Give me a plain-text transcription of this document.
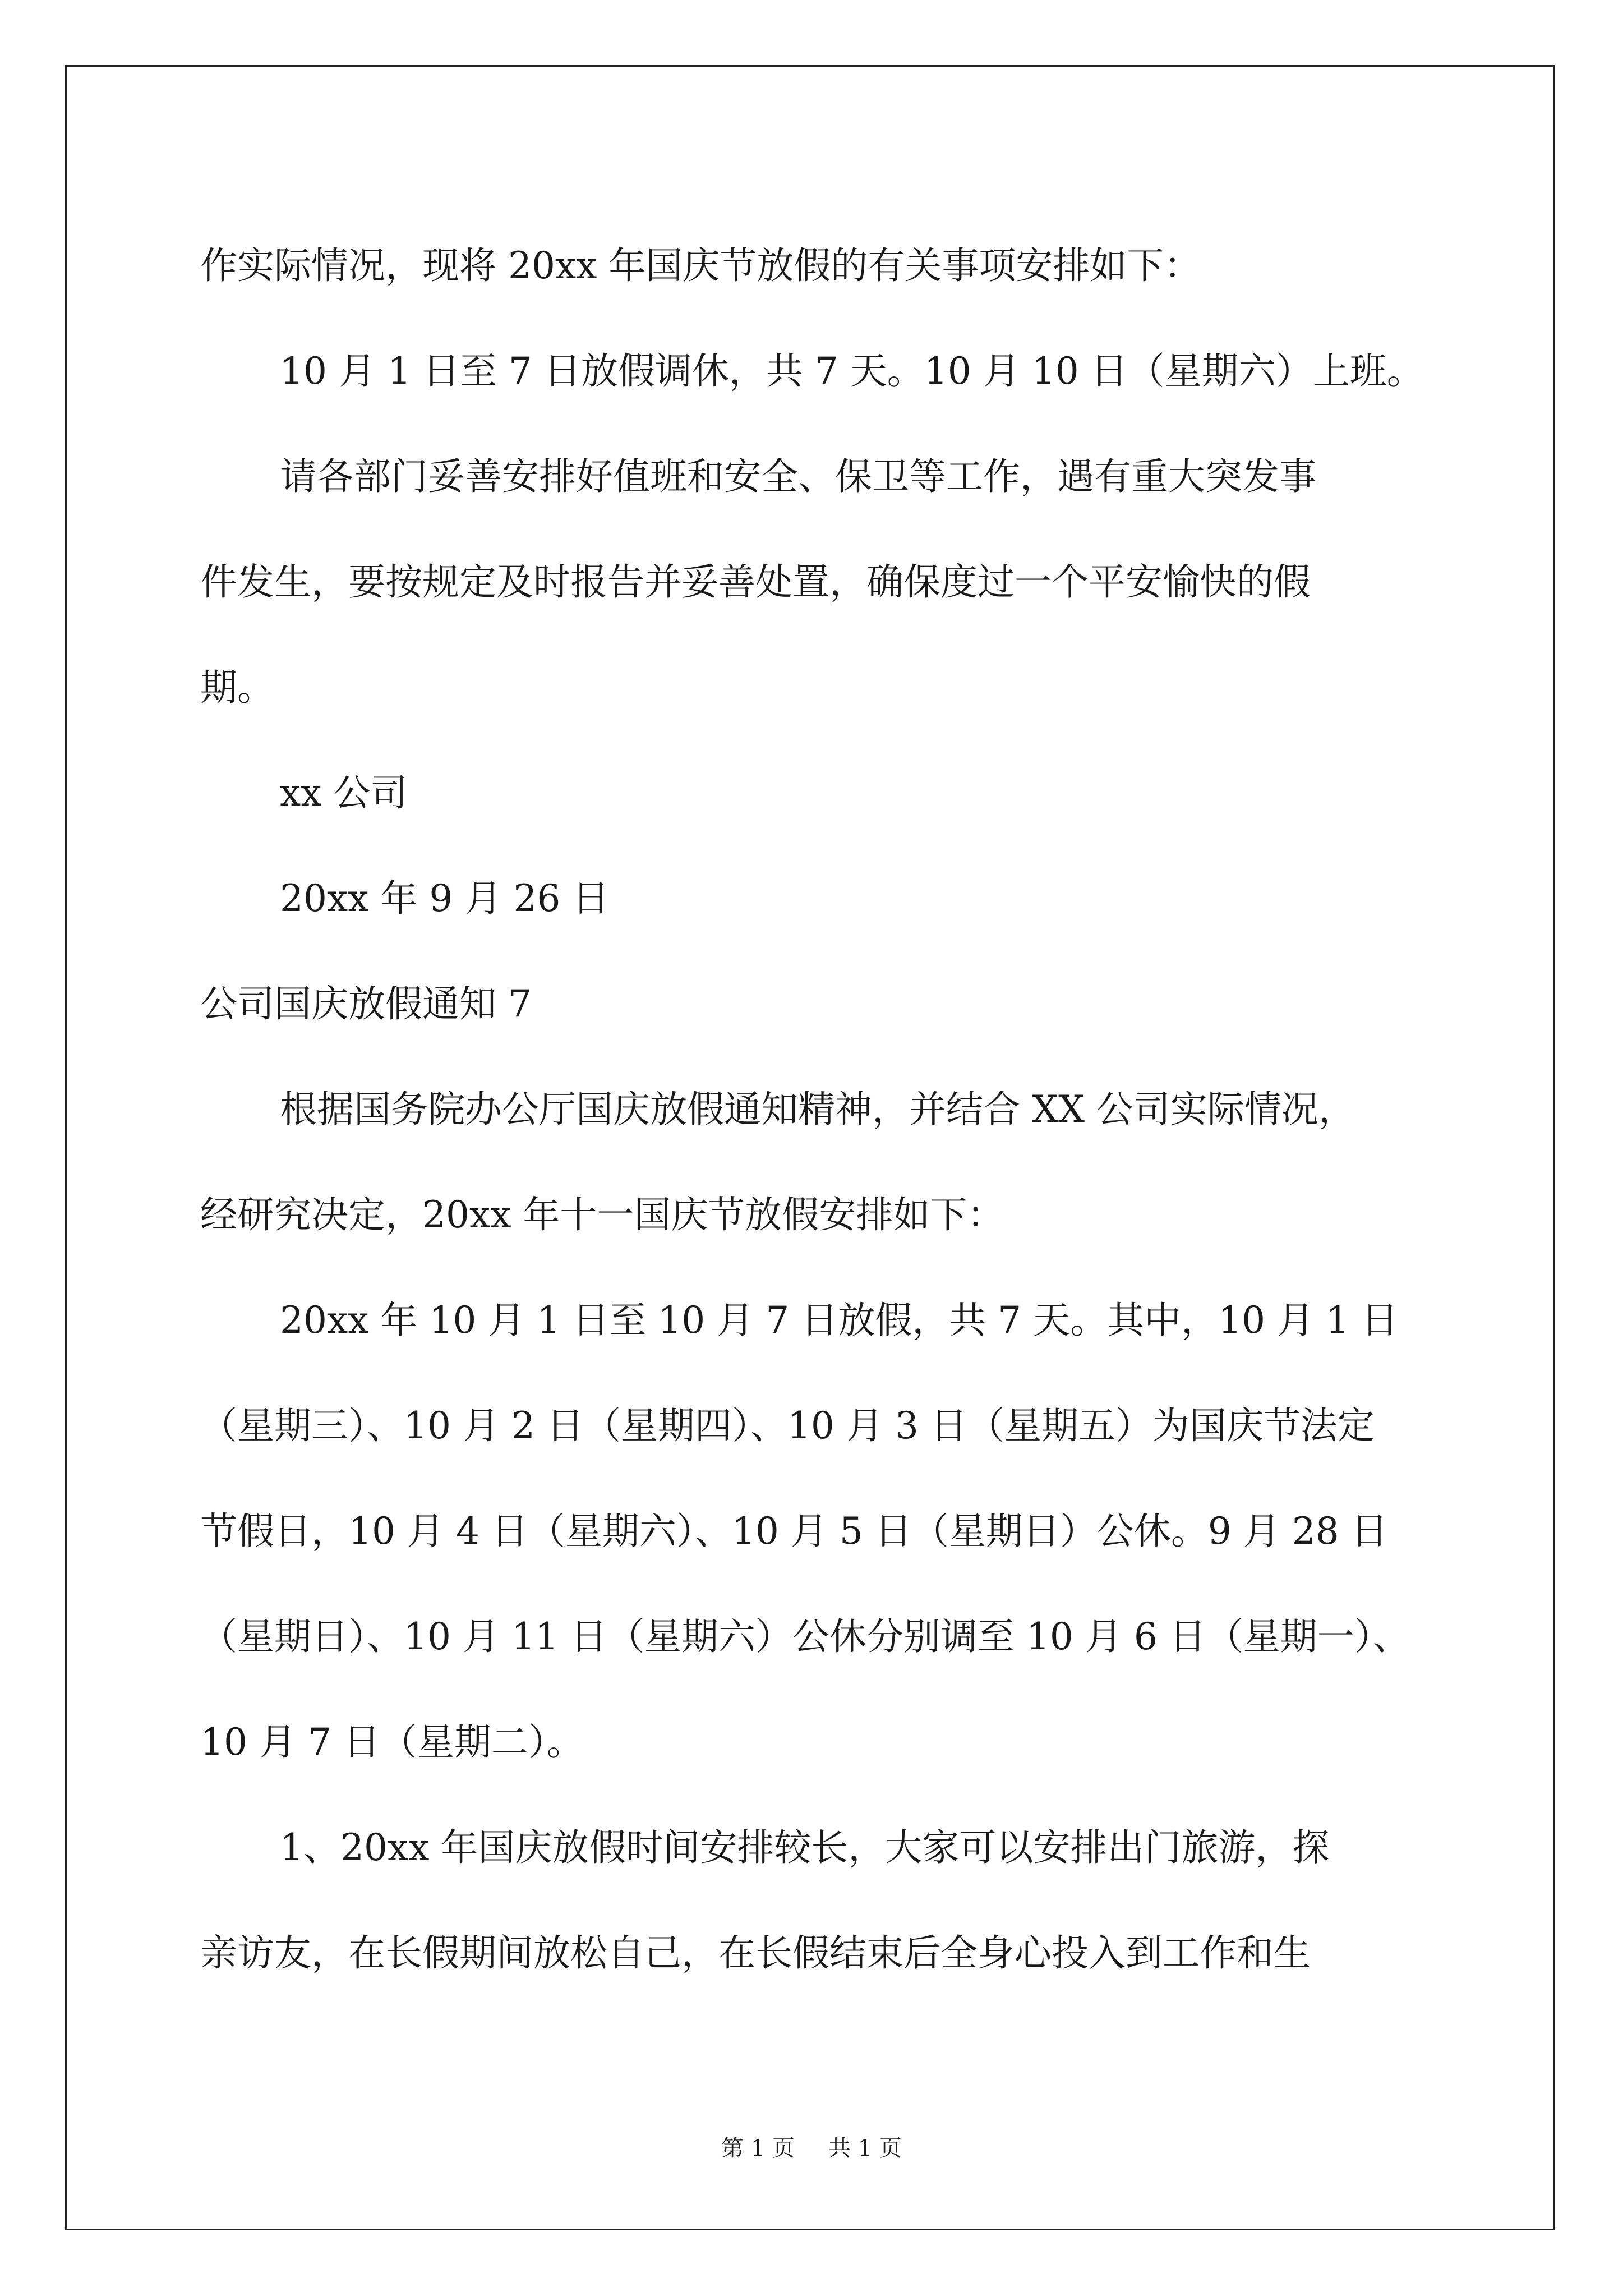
作实际情况，现将 20xx 年国庆节放假的有关事项安排如下：
10 月 1 日至 7 日放假调休，共 7 天。10 月 10 日（星期六）上班。
请各部门妥善安排好值班和安全、保卫等工作，遇有重大突发事
件发生，要按规定及时报告并妥善处置，确保度过一个平安愉快的假
期。
xx 公司
20xx 年 9 月 26 日
公司国庆放假通知 7
根据国务院办公厅国庆放假通知精神，并结合 XX 公司实际情况，
经研究决定，20xx 年十一国庆节放假安排如下：
20xx 年 10 月 1 日至 10 月 7 日放假，共 7 天。其中，10 月 1 日
（星期三）、10 月 2 日（星期四）、10 月 3 日（星期五）为国庆节法定
节假日，10 月 4 日（星期六）、10 月 5 日（星期日）公休。9 月 28 日
（星期日）、10 月 11 日（星期六）公休分别调至 10 月 6 日（星期一）、
10 月 7 日（星期二）。
1、20xx 年国庆放假时间安排较长，大家可以安排出门旅游，探
亲访友，在长假期间放松自己，在长假结束后全身心投入到工作和生
第 1 页 共 1 页
